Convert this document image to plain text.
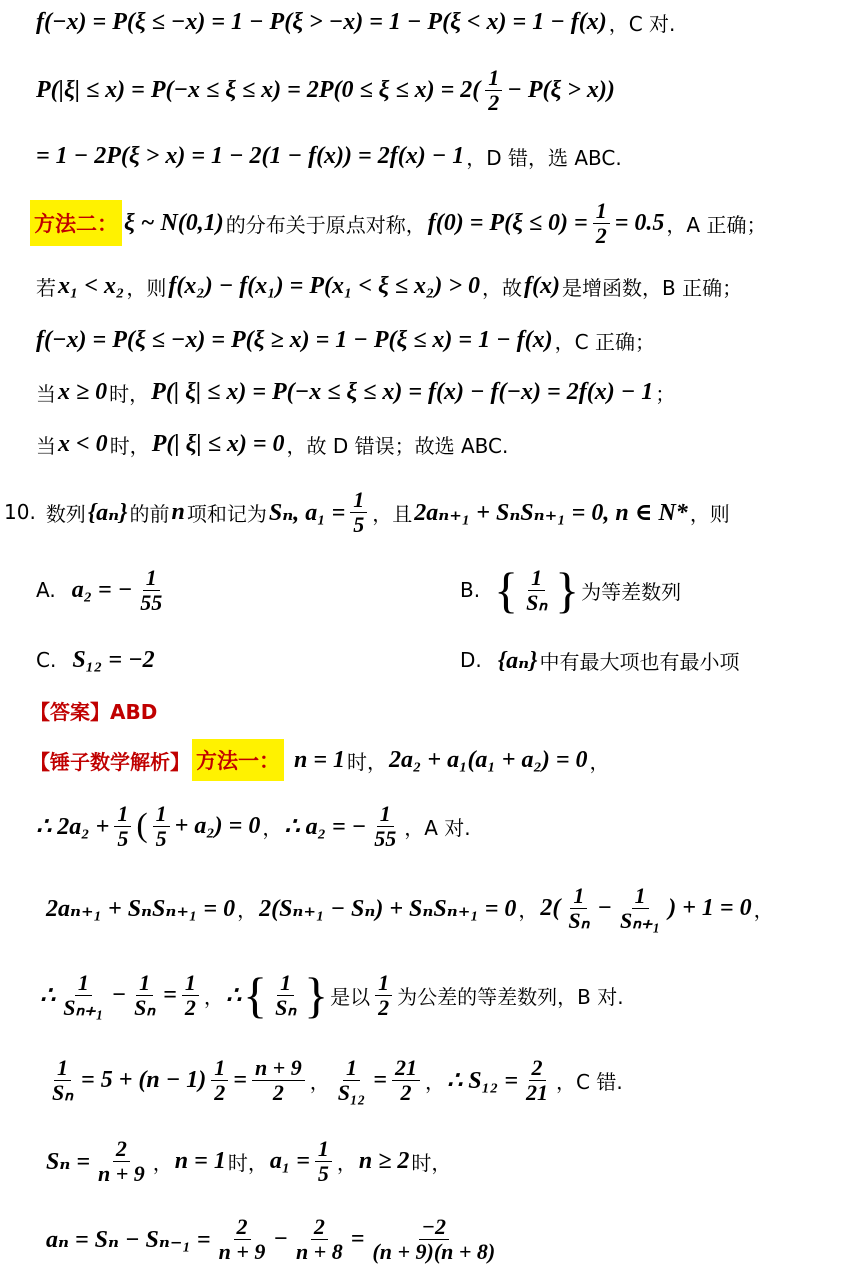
f(−x) = P(ξ ≤ −x) = 1 − P(ξ > −x) = 1 − P(ξ < x) = 1 − f(x) ，C 对.
$P(|\xi| \le x) = P(-x \le \xi \le x) = 2P(0 \le \xi \le x) = 2( \frac{1}{2} - P(\xi > x))$
= 1 − 2P(ξ > x) = 1 − 2(1 − f(x)) = 2f(x) − 1 ，D 错，选 ABC.
方法二： ξ ~ N(0,1) 的分布关于原点对称， $f(0) = P(\xi \le 0) = \frac{1}{2} = 0.5$ ，A 正确；
若 x₁ < x₂ ，则 f(x₂) − f(x₁) = P(x₁ < ξ ≤ x₂) > 0 ，故 f(x) 是增函数，B 正确；
f(−x) = P(ξ ≤ −x) = P(ξ ≥ x) = 1 − P(ξ ≤ x) = 1 − f(x) ，C 正确；
当 x ≥ 0 时， P(| ξ| ≤ x) = P(−x ≤ ξ ≤ x) = f(x) − f(−x) = 2f(x) − 1 ；
当 x < 0 时， P(| ξ| ≤ x) = 0 ，故 D 错误；故选 ABC.
10. 数列 {aₙ} 的前 n 项和记为 Sₙ, $a_1 = \frac{1}{5}$ ，且 2aₙ₊₁ + SₙSₙ₊₁ = 0, n ∈ N* ，则
A. a₂ = − $\frac{1}{55}$	B. { $\frac{1}{\text{Sₙ}}$ } 为等差数列
C. S₁₂ = −2	D. {aₙ} 中有最大项也有最小项
【答案】ABD
【锤子数学解析】 方法一： n = 1 时， 2a₂ + a₁(a₁ + a₂) = 0 ，
∴ $2a_2 + \frac{1}{5}$ ( $\frac{1}{5} + a_2) = 0$ ， ∴ a₂ = − $\frac{1}{55}$ ，A 对.
2aₙ₊₁ + SₙSₙ₊₁ = 0 ， 2(Sₙ₊₁ − Sₙ) + SₙSₙ₊₁ = 0 ， $2( \frac{1}{\text{Sₙ}} - \frac{1}{\text{Sₙ₊₁}}$ ) + 1 = 0 ，
∴ $\frac{1}{\text{Sₙ₊₁}} - \frac{1}{\text{Sₙ}} = \frac{1}{2}$ ， ∴ { $\frac{1}{\text{Sₙ}}$ } 是以 $\frac{1}{2}$ 为公差的等差数列，B 对.
$\frac{1}{\text{Sₙ}} = 5 + (n - 1) \frac{1}{2} = \frac{n + 9}{2}$ ， $\frac{1}{\text{S₁₂}} = \frac{21}{2}$ ， ∴ $S_{12} = \frac{2}{21}$ ，C 错.
$S_n = \frac{2}{n + 9}$ ， n = 1 时， $a_1 = \frac{1}{5}$ ， n ≥ 2 时，
$a_n = S_n - S_{n-1} = \frac{2}{n + 9} - \frac{2}{n + 8} = \frac{-2}{(n + 9)(n + 8)}$
